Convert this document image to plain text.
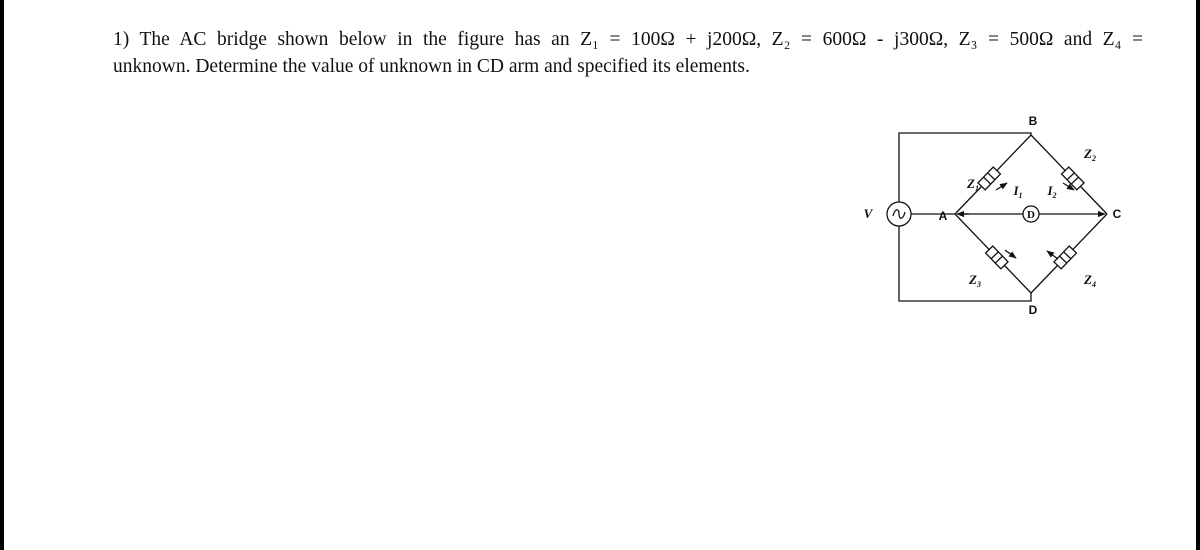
1) The AC bridge shown below in the figure has an Z₁ = 100Ω + j200Ω, Z₂ = 600Ω - j300Ω, Z₃ = 500Ω and Z₄ =
unknown. Determine the value of unknown in CD arm and specified its elements.
D
V	A
B
C
D
$Z_1$
$Z_2$
$Z_3$	$Z_4$
$I_1$ $I_2$
